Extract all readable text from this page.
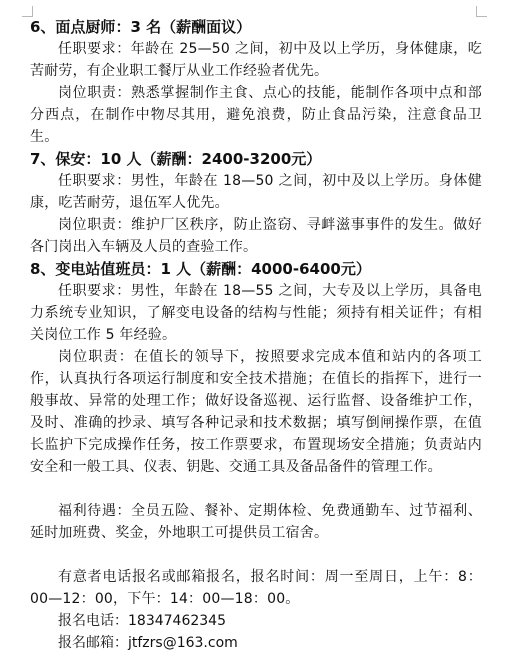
6、面点厨师：3 名（薪酬面议）

任职要求：年龄在 25—50 之间，初中及以上学历，身体健康，吃苦耐劳，有企业职工餐厅从业工作经验者优先。

岗位职责：熟悉掌握制作主食、点心的技能，能制作各项中点和部分西点，在制作中物尽其用，避免浪费，防止食品污染，注意食品卫生。

7、保安：10 人（薪酬：2400-3200元）

任职要求：男性，年龄在 18—50 之间，初中及以上学历。身体健康，吃苦耐劳，退伍军人优先。

岗位职责：维护厂区秩序，防止盗窃、寻衅滋事事件的发生。做好各门岗出入车辆及人员的查验工作。

8、变电站值班员：1 人（薪酬：4000-6400元）

任职要求：男性，年龄在 18—55 之间，大专及以上学历，具备电力系统专业知识，了解变电设备的结构与性能；须持有相关证件；有相关岗位工作 5 年经验。

岗位职责：在值长的领导下，按照要求完成本值和站内的各项工作，认真执行各项运行制度和安全技术措施；在值长的指挥下，进行一般事故、异常的处理工作；做好设备巡视、运行监督、设备维护工作，及时、准确的抄录、填写各种记录和技术数据；填写倒闸操作票，在值长监护下完成操作任务，按工作票要求，布置现场安全措施；负责站内安全和一般工具、仪表、钥匙、交通工具及备品备件的管理工作。

福利待遇：全员五险、餐补、定期体检、免费通勤车、过节福利、延时加班费、奖金，外地职工可提供员工宿舍。

有意者电话报名或邮箱报名，报名时间：周一至周日，上午：8：00—12：00，下午：14：00—18：00。

报名电话：18347462345

报名邮箱：jtfzrs@163.com
